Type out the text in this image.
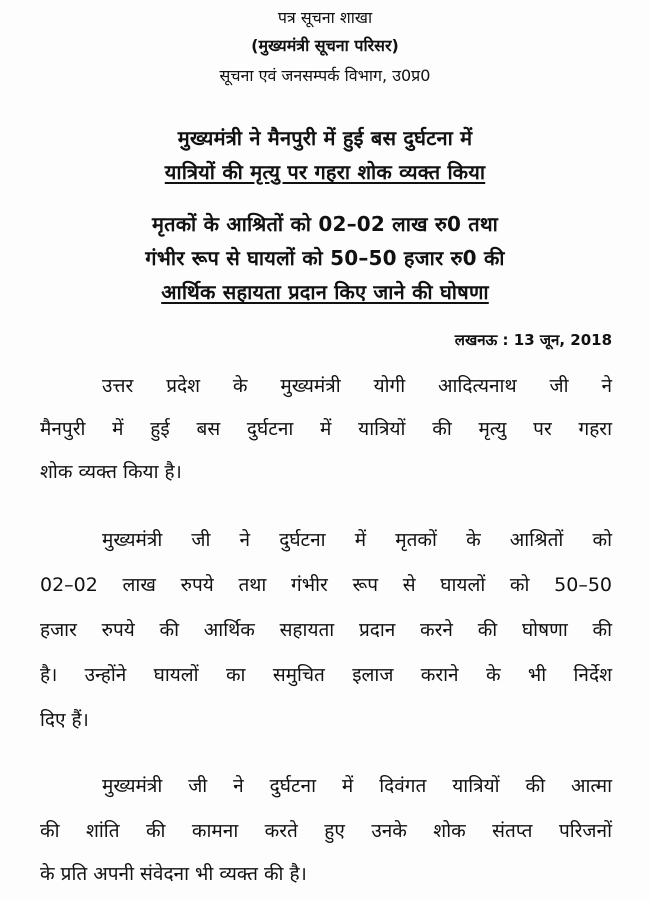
पत्र सूचना शाखा
(मुख्यमंत्री सूचना परिसर)
सूचना एवं जनसम्पर्क विभाग, उ0प्र0
मुख्यमंत्री ने मैनपुरी में हुई बस दुर्घटना में
यात्रियों की मृत्यु पर गहरा शोक व्यक्त किया
मृतकों के आश्रितों को 02–02 लाख रु0 तथा
गंभीर रूप से घायलों को 50–50 हजार रु0 की
आर्थिक सहायता प्रदान किए जाने की घोषणा
लखनऊ : 13 जून, 2018
उत्तर प्रदेश के मुख्यमंत्री योगी आदित्यनाथ जी ने
मैनपुरी में हुई बस दुर्घटना में यात्रियों की मृत्यु पर गहरा
शोक व्यक्त किया है।
मुख्यमंत्री जी ने दुर्घटना में मृतकों के आश्रितों को
02–02 लाख रुपये तथा गंभीर रूप से घायलों को 50–50
हजार रुपये की आर्थिक सहायता प्रदान करने की घोषणा की
है। उन्होंने घायलों का समुचित इलाज कराने के भी निर्देश
दिए हैं।
मुख्यमंत्री जी ने दुर्घटना में दिवंगत यात्रियों की आत्मा
की शांति की कामना करते हुए उनके शोक संतप्त परिजनों
के प्रति अपनी संवेदना भी व्यक्त की है।
